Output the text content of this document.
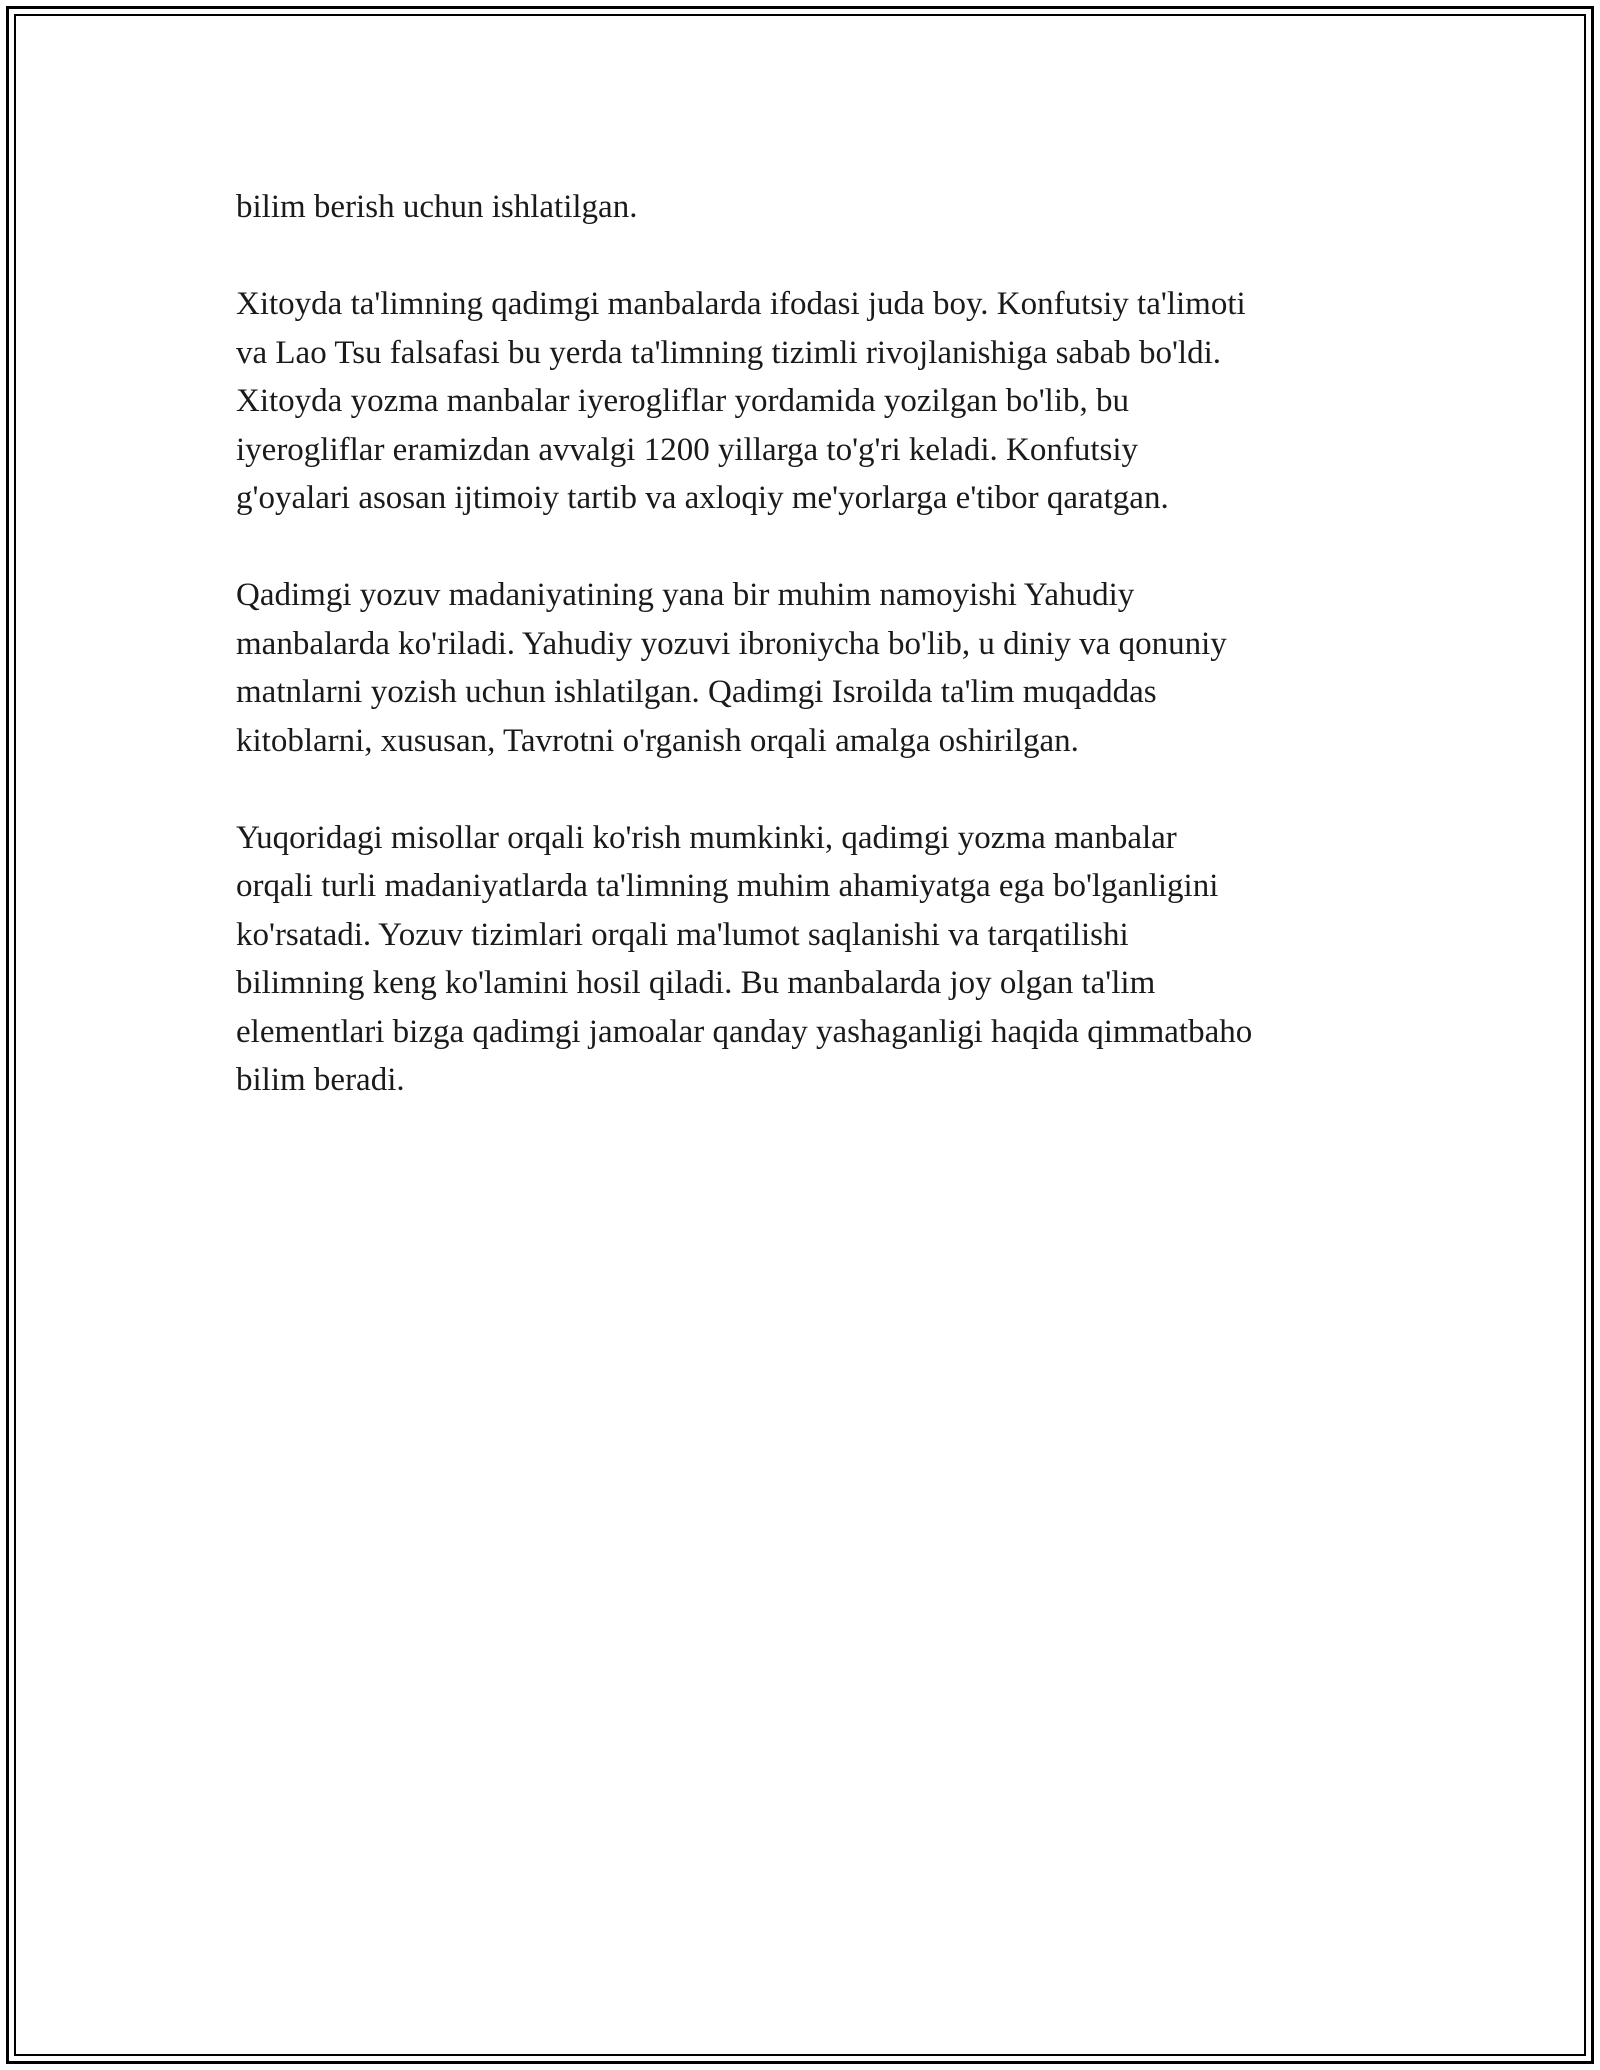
bilim berish uchun ishlatilgan.
Xitoyda ta'limning qadimgi manbalarda ifodasi juda boy. Konfutsiy ta'limoti
va Lao Tsu falsafasi bu yerda ta'limning tizimli rivojlanishiga sabab bo'ldi.
Xitoyda yozma manbalar iyerogliflar yordamida yozilgan bo'lib, bu
iyerogliflar eramizdan avvalgi 1200 yillarga to'g'ri keladi. Konfutsiy
g'oyalari asosan ijtimoiy tartib va axloqiy me'yorlarga e'tibor qaratgan.
Qadimgi yozuv madaniyatining yana bir muhim namoyishi Yahudiy
manbalarda ko'riladi. Yahudiy yozuvi ibroniycha bo'lib, u diniy va qonuniy
matnlarni yozish uchun ishlatilgan. Qadimgi Isroilda ta'lim muqaddas
kitoblarni, xususan, Tavrotni o'rganish orqali amalga oshirilgan.
Yuqoridagi misollar orqali ko'rish mumkinki, qadimgi yozma manbalar
orqali turli madaniyatlarda ta'limning muhim ahamiyatga ega bo'lganligini
ko'rsatadi. Yozuv tizimlari orqali ma'lumot saqlanishi va tarqatilishi
bilimning keng ko'lamini hosil qiladi. Bu manbalarda joy olgan ta'lim
elementlari bizga qadimgi jamoalar qanday yashaganligi haqida qimmatbaho
bilim beradi.
